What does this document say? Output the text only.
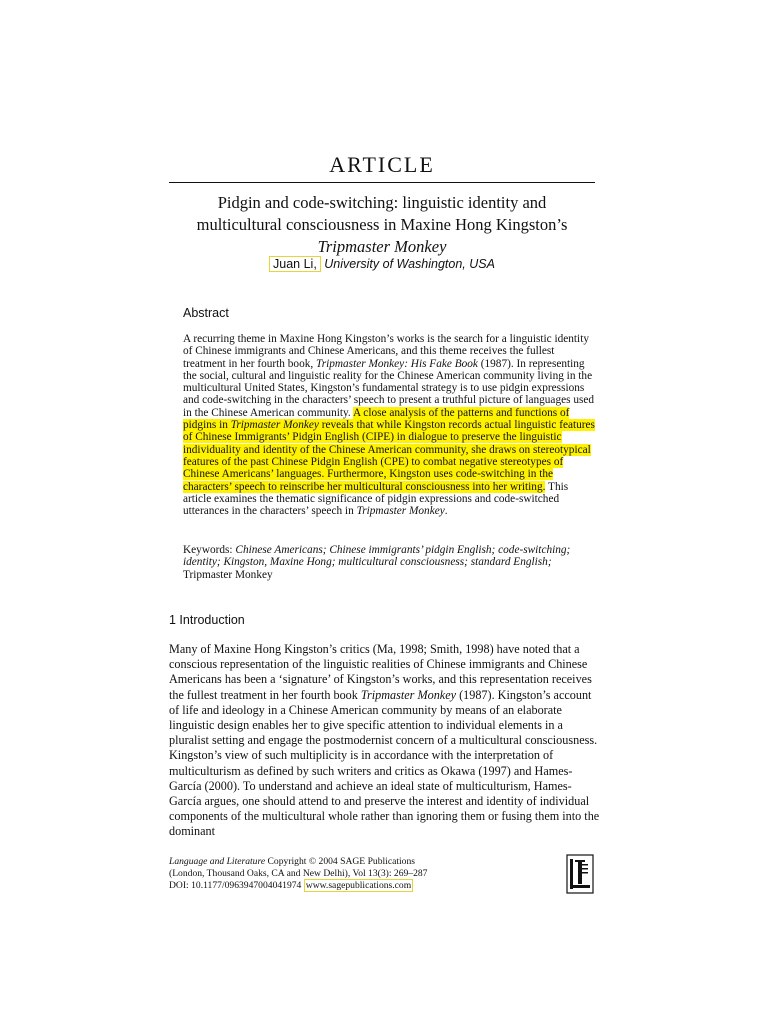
ARTICLE
Pidgin and code-switching: linguistic identity and
multicultural consciousness in Maxine Hong Kingston’s
Tripmaster Monkey
Juan Li, University of Washington, USA
Abstract
A recurring theme in Maxine Hong Kingston’s works is the search for a linguistic identity of Chinese immigrants and Chinese Americans, and this theme receives the fullest treatment in her fourth book, Tripmaster Monkey: His Fake Book (1987). In representing the social, cultural and linguistic reality for the Chinese American community living in the multicultural United States, Kingston’s fundamental strategy is to use pidgin expressions and code-switching in the characters’ speech to present a truthful picture of languages used in the Chinese American community. A close analysis of the patterns and functions of pidgins in Tripmaster Monkey reveals that while Kingston records actual linguistic features of Chinese Immigrants’ Pidgin English (CIPE) in dialogue to preserve the linguistic individuality and identity of the Chinese American community, she draws on stereotypical features of the past Chinese Pidgin English (CPE) to combat negative stereotypes of Chinese Americans’ languages. Furthermore, Kingston uses code-switching in the characters’ speech to reinscribe her multicultural consciousness into her writing. This article examines the thematic significance of pidgin expressions and code-switched utterances in the characters’ speech in Tripmaster Monkey.
Keywords: Chinese Americans; Chinese immigrants’ pidgin English; code-switching; identity; Kingston, Maxine Hong; multicultural consciousness; standard English;
Tripmaster Monkey
1 Introduction
Many of Maxine Hong Kingston’s critics (Ma, 1998; Smith, 1998) have noted that a conscious representation of the linguistic realities of Chinese immigrants and Chinese Americans has been a ‘signature’ of Kingston’s works, and this representation receives the fullest treatment in her fourth book Tripmaster Monkey (1987). Kingston’s account of life and ideology in a Chinese American community by means of an elaborate linguistic design enables her to give specific attention to individual elements in a pluralist setting and engage the postmodernist concern of a multicultural consciousness. Kingston’s view of such multiplicity is in accordance with the interpretation of multiculturism as defined by such writers and critics as Okawa (1997) and Hames-García (2000). To understand and achieve an ideal state of multiculturism, Hames-García argues, one should attend to and preserve the interest and identity of individual components of the multicultural whole rather than ignoring them or fusing them into the dominant
Language and Literature Copyright © 2004 SAGE Publications
(London, Thousand Oaks, CA and New Delhi), Vol 13(3): 269–287
DOI: 10.1177/0963947004041974 www.sagepublications.com
